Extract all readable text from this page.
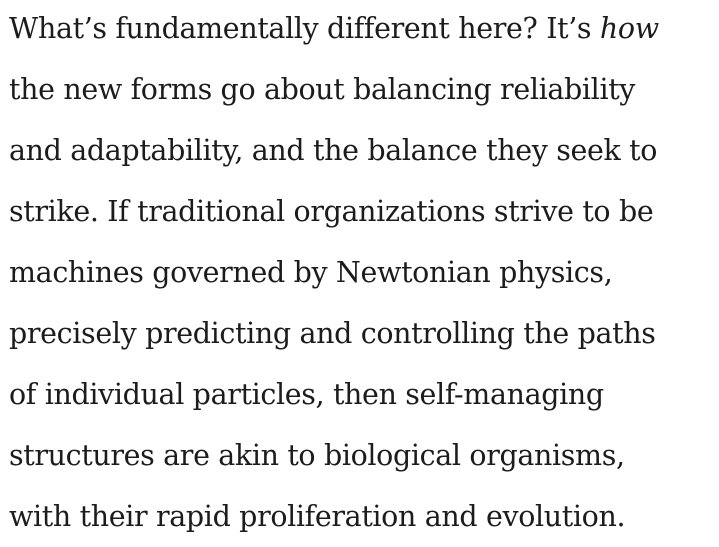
What’s fundamentally different here? It’s how
the new forms go about balancing reliability
and adaptability, and the balance they seek to
strike. If traditional organizations strive to be
machines governed by Newtonian physics,
precisely predicting and controlling the paths
of individual particles, then self-managing
structures are akin to biological organisms,
with their rapid proliferation and evolution.
